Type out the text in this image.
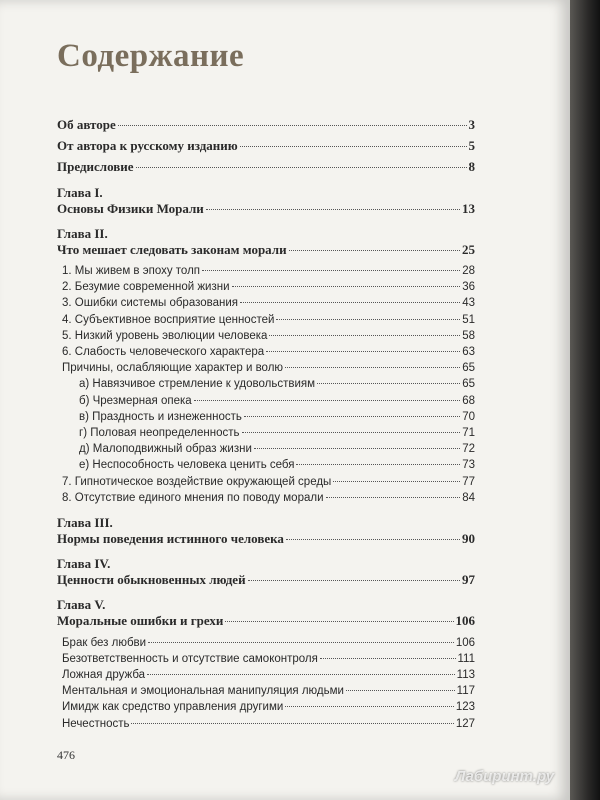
Содержание
Об авторе	3
От автора к русскому изданию	5
Предисловие	8
Глава I.
Основы Физики Морали	13
Глава II.
Что мешает следовать законам морали	25
1. Мы живем в эпоху толп	28
2. Безумие современной жизни	36
3. Ошибки системы образования	43
4. Субъективное восприятие ценностей	51
5. Низкий уровень эволюции человека	58
6. Слабость человеческого характера	63
Причины, ослабляющие характер и волю	65
а) Навязчивое стремление к удовольствиям	65
б) Чрезмерная опека	68
в) Праздность и изнеженность	70
г) Половая неопределенность	71
д) Малоподвижный образ жизни	72
е) Неспособность человека ценить себя	73
7. Гипнотическое воздействие окружающей среды	77
8. Отсутствие единого мнения по поводу морали	84
Глава III.
Нормы поведения истинного человека	90
Глава IV.
Ценности обыкновенных людей	97
Глава V.
Моральные ошибки и грехи	106
Брак без любви	106
Безответственность и отсутствие самоконтроля	111
Ложная дружба	113
Ментальная и эмоциональная манипуляция людьми	117
Имидж как средство управления другими	123
Нечестность	127
476
Лабиринт.ру
